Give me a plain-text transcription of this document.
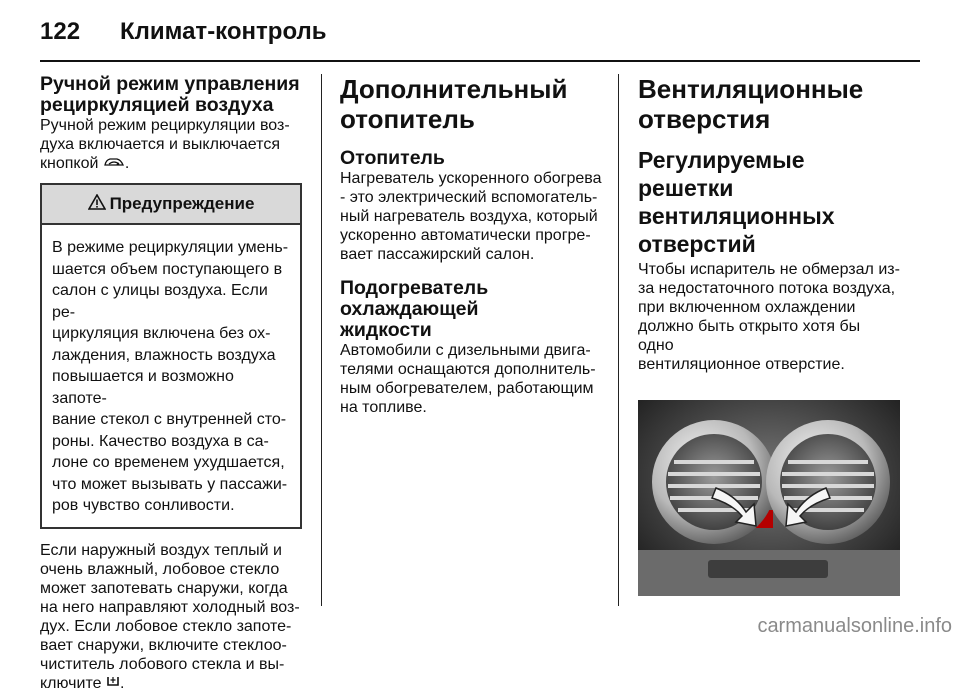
122 Климат-контроль
Ручной режим управления
рециркуляцией воздуха
Ручной режим рециркуляции воз-
духа включается и выключается
кнопкой .
Предупреждение
В режиме рециркуляции умень-
шается объем поступающего в
салон с улицы воздуха. Если ре-
циркуляция включена без ох-
лаждения, влажность воздуха
повышается и возможно запоте-
вание стекол с внутренней сто-
роны. Качество воздуха в са-
лоне со временем ухудшается,
что может вызывать у пассажи-
ров чувство сонливости.
Если наружный воздух теплый и
очень влажный, лобовое стекло
может запотевать снаружи, когда
на него направляют холодный воз-
дух. Если лобовое стекло запоте-
вает снаружи, включите стеклоо-
чиститель лобового стекла и вы-
ключите .
Дополнительный
отопитель
Отопитель
Нагреватель ускоренного обогрева
- это электрический вспомогатель-
ный нагреватель воздуха, который
ускоренно автоматически прогре-
вает пассажирский салон.
Подогреватель охлаждающей
жидкости
Автомобили с дизельными двига-
телями оснащаются дополнитель-
ным обогревателем, работающим
на топливе.
Вентиляционные
отверстия
Регулируемые решетки
вентиляционных
отверстий
Чтобы испаритель не обмерзал из-
за недостаточного потока воздуха,
при включенном охлаждении
должно быть открыто хотя бы одно
вентиляционное отверстие.
carmanualsonline.info
